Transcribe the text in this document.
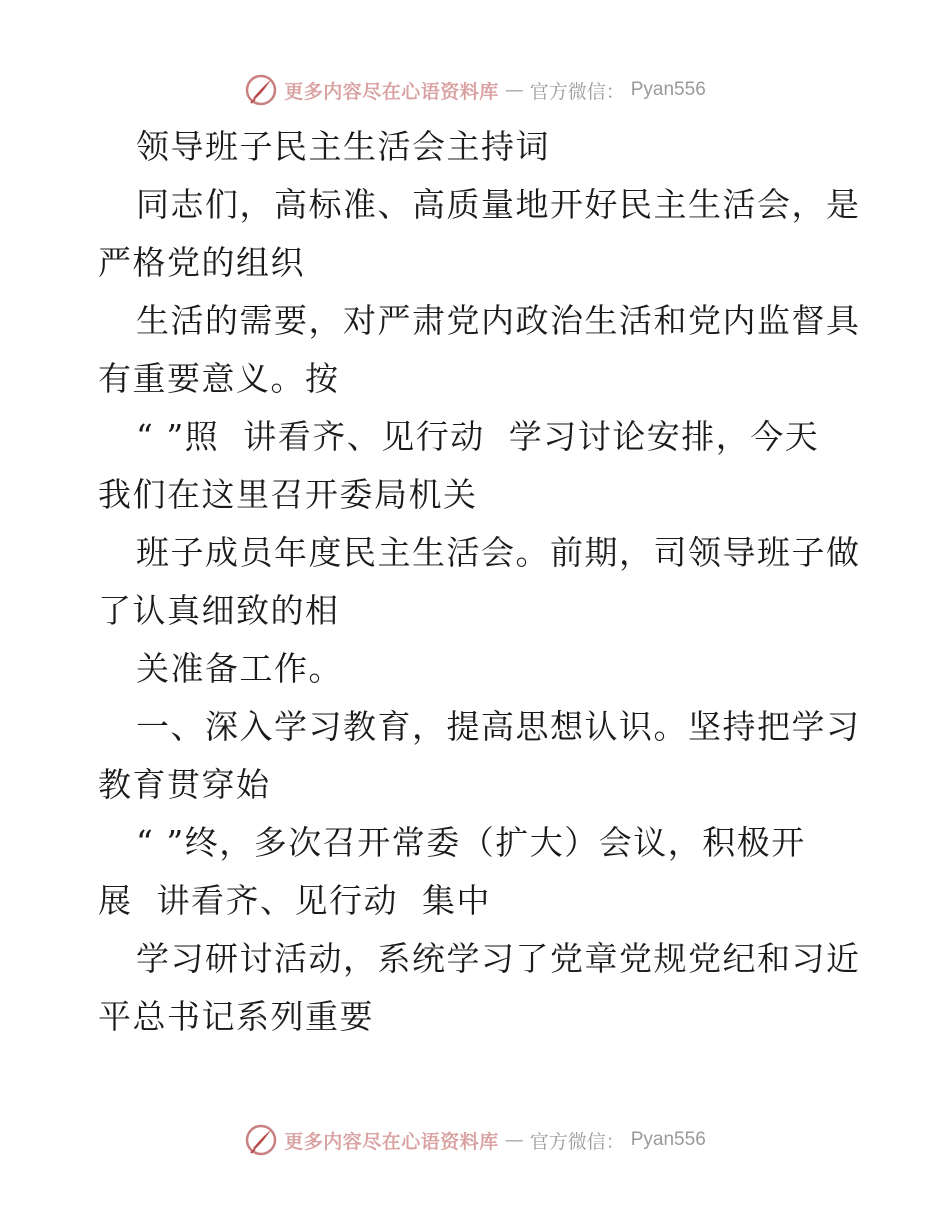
更多内容尽在心语资料库 — 官方微信： Pyan556
领导班子民主生活会主持词
同志们，高标准、高质量地开好民主生活会，是
严格党的组织
生活的需要，对严肃党内政治生活和党内监督具
有重要意义。按
“ ”照  讲看齐、见行动  学习讨论安排，今天
我们在这里召开委局机关
班子成员年度民主生活会。前期，司领导班子做
了认真细致的相
关准备工作。
一、深入学习教育，提高思想认识。坚持把学习
教育贯穿始
“ ”终，多次召开常委（扩大）会议，积极开
展  讲看齐、见行动  集中
学习研讨活动，系统学习了党章党规党纪和习近
平总书记系列重要
更多内容尽在心语资料库 — 官方微信： Pyan556
